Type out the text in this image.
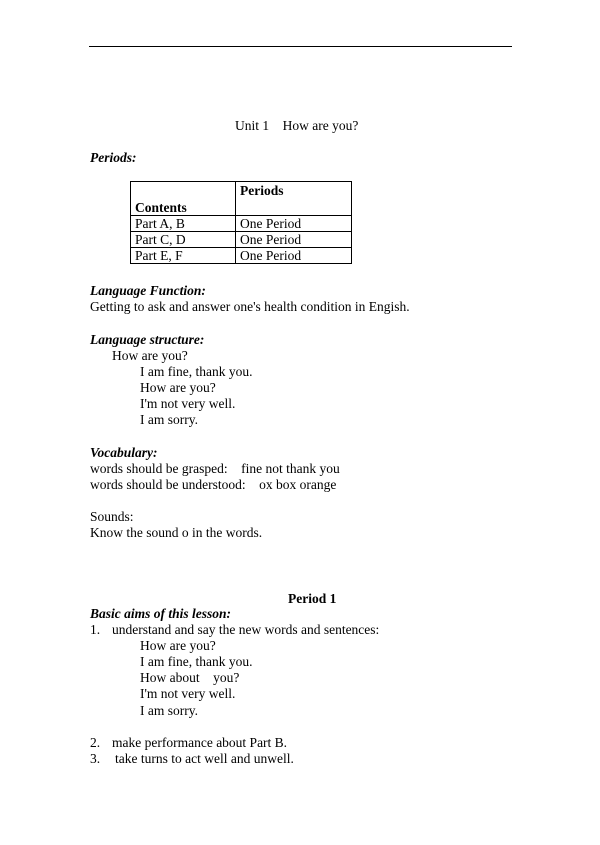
Unit 1    How are you?
Periods:
Contents	Periods
Part A, B	One Period
Part C, D	One Period
Part E, F	One Period
Language Function:
Getting to ask and answer one's health condition in Engish.
Language structure:
How are you?
I am fine, thank you.
How are you?
I'm not very well.
I am sorry.
Vocabulary:
words should be grasped:    fine not thank you
words should be understood:    ox box orange
Sounds:
Know the sound o in the words.
Period 1
Basic aims of this lesson:
1. understand and say the new words and sentences:
How are you?
I am fine, thank you.
How about    you?
I'm not very well.
I am sorry.
2. make performance about Part B.
3. take turns to act well and unwell.
